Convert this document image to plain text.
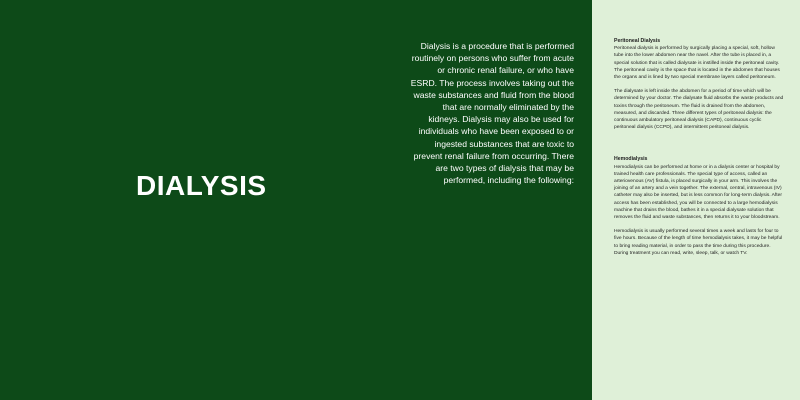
DIALYSIS

Dialysis is a procedure that is performed routinely on persons who suffer from acute or chronic renal failure, or who have ESRD. The process involves taking out the waste substances and fluid from the blood that are normally eliminated by the kidneys. Dialysis may also be used for individuals who have been exposed to or ingested substances that are toxic to prevent renal failure from occurring. There are two types of dialysis that may be performed, including the following:

Peritoneal Dialysis

Peritoneal dialysis is performed by surgically placing a special, soft, hollow tube into the lower abdomen near the navel. After the tube is placed in, a special solution that is called dialysate is instilled inside the peritoneal cavity. The peritoneal cavity is the space that is located in the abdomen that houses the organs and is lined by two special membrane layers called peritoneum.

The dialysate is left inside the abdomen for a period of time which will be determined by your doctor. The dialysate fluid absorbs the waste products and toxins through the peritoneum. The fluid is drained from the abdomen, measured, and discarded. Three different types of peritoneal dialysis: the continuous ambulatory peritoneal dialysis (CAPD), continuous cyclic peritoneal dialysis (CCPD), and intermittent peritoneal dialysis.

Hemodialysis

Hemodialysis can be performed at home or in a dialysis center or hospital by trained health care professionals. The special type of access, called an arteriovenous (AV) fistula, is placed surgically in your arm. This involves the joining of an artery and a vein together. The external, central, intravenous (IV) catheter may also be inserted, but is less common for long-term dialysis. After access has been established, you will be connected to a large hemodialysis machine that drains the blood, bathes it in a special dialysate solution that removes the fluid and waste substances, then returns it to your bloodstream.

Hemodialysis is usually performed several times a week and lasts for four to five hours. Because of the length of time hemodialysis takes, it may be helpful to bring reading material, in order to pass the time during this procedure. During treatment you can read, write, sleep, talk, or watch TV.
